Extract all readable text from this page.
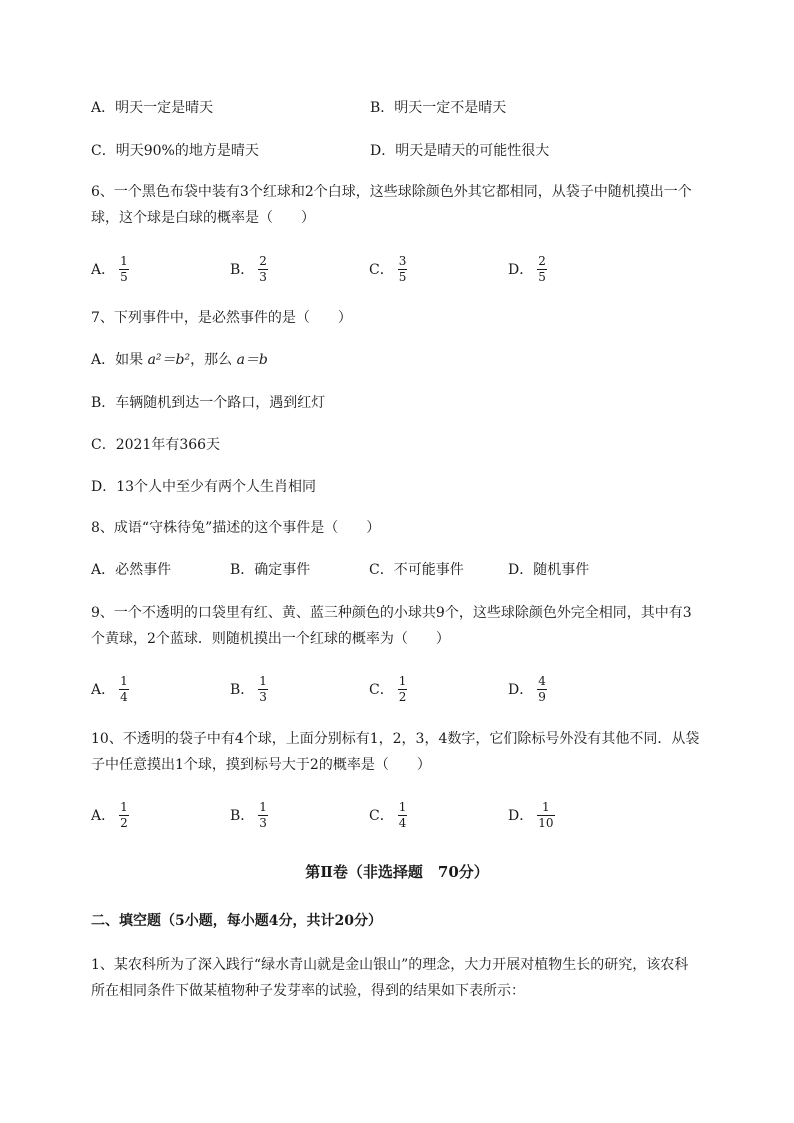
A．明天一定是晴天	B．明天一定不是晴天
C．明天90%的地方是晴天	D．明天是晴天的可能性很大
6、一个黑色布袋中装有3个红球和2个白球，这些球除颜色外其它都相同，从袋子中随机摸出一个
球，这个球是白球的概率是（　　）
A． $\frac{1}{5}$	B． $\frac{2}{3}$	C． $\frac{3}{5}$	D． $\frac{2}{5}$
7、下列事件中，是必然事件的是（　　）
A．如果 a²＝b²，那么 a＝b
B．车辆随机到达一个路口，遇到红灯
C．2021年有366天
D．13个人中至少有两个人生肖相同
8、成语“守株待兔”描述的这个事件是（　　）
A．必然事件	B．确定事件	C．不可能事件	D．随机事件
9、一个不透明的口袋里有红、黄、蓝三种颜色的小球共9个，这些球除颜色外完全相同，其中有3
个黄球，2个蓝球．则随机摸出一个红球的概率为（　　）
A． $\frac{1}{4}$	B． $\frac{1}{3}$	C． $\frac{1}{2}$	D． $\frac{4}{9}$
10、不透明的袋子中有4个球，上面分别标有1，2，3，4数字，它们除标号外没有其他不同．从袋
子中任意摸出1个球，摸到标号大于2的概率是（　　）
A． $\frac{1}{2}$	B． $\frac{1}{3}$	C． $\frac{1}{4}$	D． $\frac{1}{10}$
第Ⅱ卷（非选择题　70分）
二、填空题（5小题，每小题4分，共计20分）
1、某农科所为了深入践行“绿水青山就是金山银山”的理念，大力开展对植物生长的研究，该农科
所在相同条件下做某植物种子发芽率的试验，得到的结果如下表所示：
